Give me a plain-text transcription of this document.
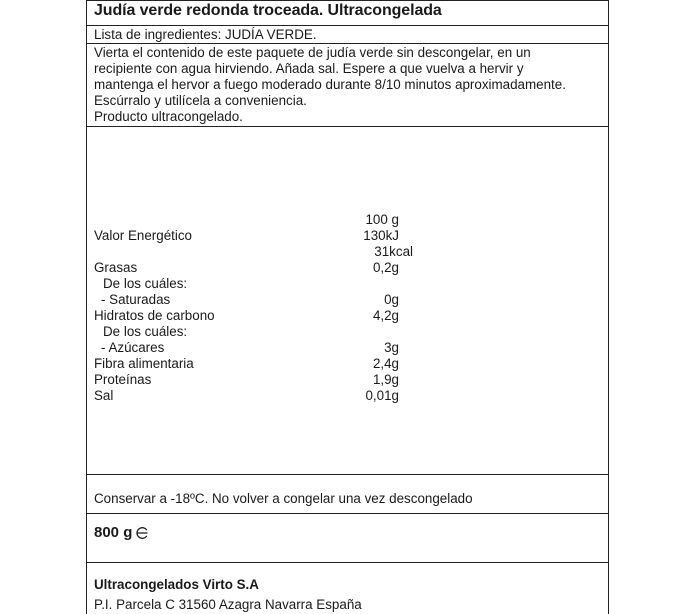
Judía verde redonda troceada. Ultracongelada
Lista de ingredientes: JUDÍA VERDE.
Vierta el contenido de este paquete de judía verde sin descongelar, en un
recipiente con agua hirviendo. Añada sal. Espere a que vuelva a hervir y
mantenga el hervor a fuego moderado durante 8/10 minutos aproximadamente.
Escúrralo y utilícela a conveniencia.
Producto ultracongelado.
100 g
Valor Energético	130kJ
31kcal
Grasas	0,2g
De los cuáles:
- Saturadas	0g
Hidratos de carbono	4,2g
De los cuáles:
- Azúcares	3g
Fibra alimentaria	2,4g
Proteínas	1,9g
Sal	0,01g
Conservar a -18ºC. No volver a congelar una vez descongelado
800 g
Ultracongelados Virto S.A
P.I. Parcela C 31560 Azagra Navarra España
